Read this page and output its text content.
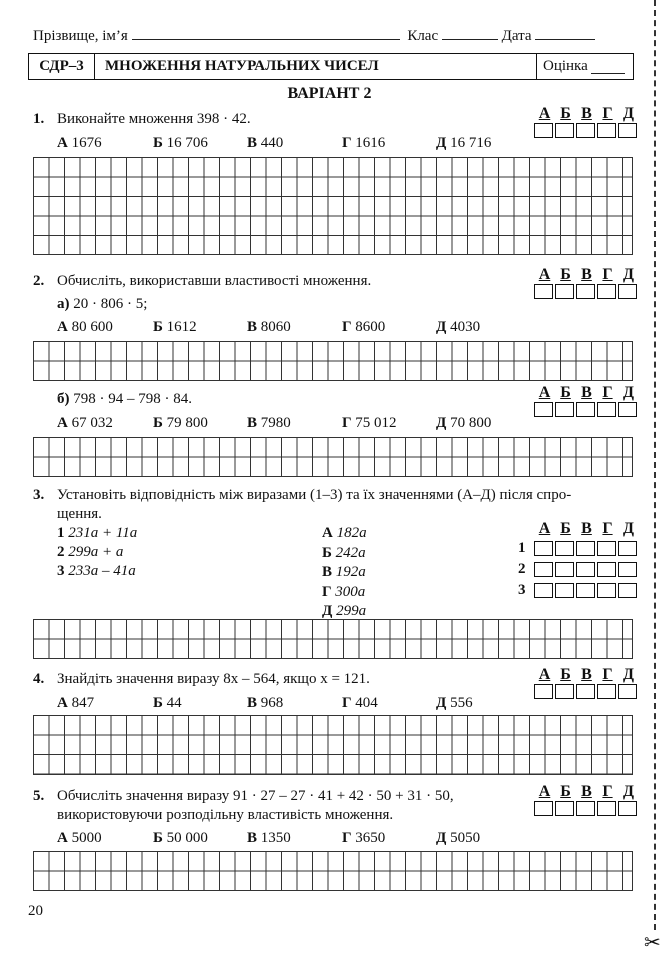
Прізвище, ім’я	Клас	Дата
СДР–3	МНОЖЕННЯ НАТУРАЛЬНИХ ЧИСЕЛ	Оцінка
ВАРІАНТ 2
1. Виконайте множення 398 · 42.	А Б В Г Д
А 1676	Б 16 706	В 440	Г 1616	Д 16 716
2. Обчисліть, використавши властивості множення.	А Б В Г Д
а) 20 · 806 · 5;
А 80 600	Б 1612	В 8060	Г 8600	Д 4030
А Б В Г Д
б) 798 · 94 – 798 · 84.
А 67 032	Б 79 800	В 7980	Г 75 012	Д 70 800
3. Установіть відповідність між виразами (1–3) та їх значеннями (А–Д) після спро-
щення.
1 231a + 11a
2 299a + a
3 233a – 41a
А 182a
Б 242a
В 192a
Г 300a
Д 299a
А Б В Г Д
1
2
3
4. Знайдіть значення виразу 8x – 564, якщо x = 121.	А Б В Г Д
А 847	Б 44	В 968	Г 404	Д 556
5. Обчисліть значення виразу 91 · 27 – 27 · 41 + 42 · 50 + 31 · 50,
використовуючи розподільну властивість множення.
А Б В Г Д
А 5000	Б 50 000	В 1350	Г 3650	Д 5050
20
✂
